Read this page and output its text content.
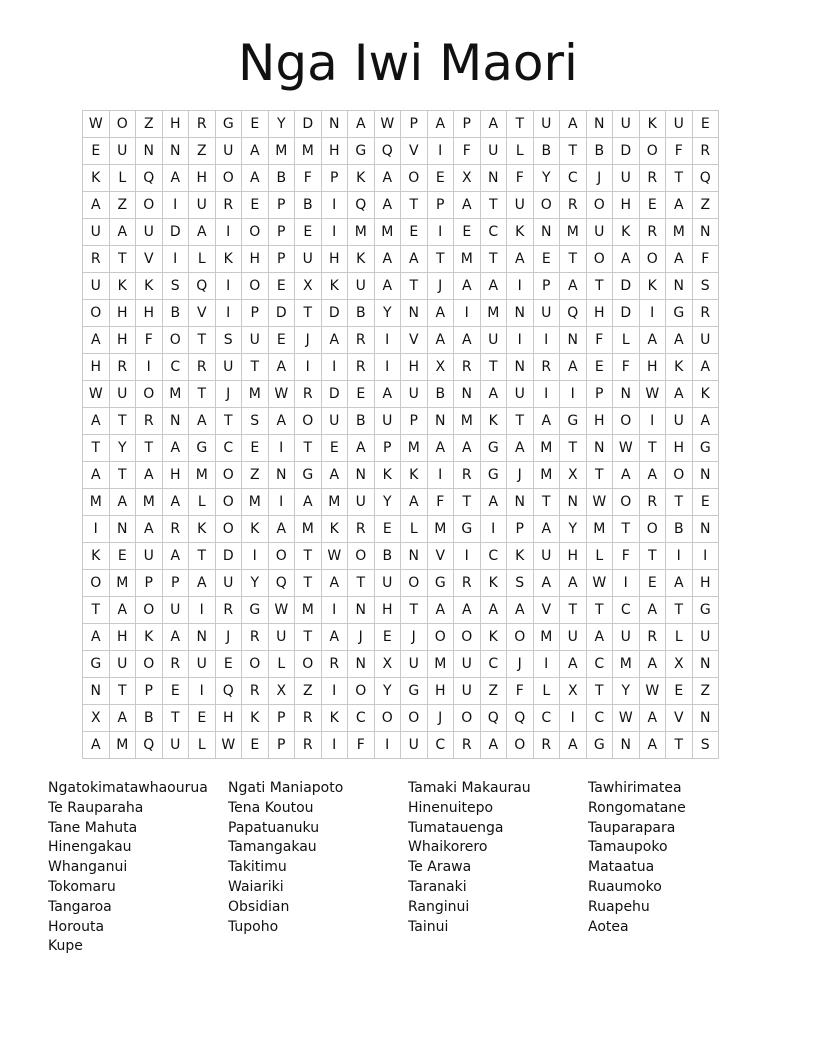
Nga Iwi Maori
W	O	Z	H	R	G	E	Y	D	N	A	W	P	A	P	A	T	U	A	N	U	K	U	E
E	U	N	N	Z	U	A	M	M	H	G	Q	V	I	F	U	L	B	T	B	D	O	F	R
K	L	Q	A	H	O	A	B	F	P	K	A	O	E	X	N	F	Y	C	J	U	R	T	Q
A	Z	O	I	U	R	E	P	B	I	Q	A	T	P	A	T	U	O	R	O	H	E	A	Z
U	A	U	D	A	I	O	P	E	I	M	M	E	I	E	C	K	N	M	U	K	R	M	N
R	T	V	I	L	K	H	P	U	H	K	A	A	T	M	T	A	E	T	O	A	O	A	F
U	K	K	S	Q	I	O	E	X	K	U	A	T	J	A	A	I	P	A	T	D	K	N	S
O	H	H	B	V	I	P	D	T	D	B	Y	N	A	I	M	N	U	Q	H	D	I	G	R
A	H	F	O	T	S	U	E	J	A	R	I	V	A	A	U	I	I	N	F	L	A	A	U
H	R	I	C	R	U	T	A	I	I	R	I	H	X	R	T	N	R	A	E	F	H	K	A
W	U	O	M	T	J	M	W	R	D	E	A	U	B	N	A	U	I	I	P	N	W	A	K
A	T	R	N	A	T	S	A	O	U	B	U	P	N	M	K	T	A	G	H	O	I	U	A
T	Y	T	A	G	C	E	I	T	E	A	P	M	A	A	G	A	M	T	N	W	T	H	G
A	T	A	H	M	O	Z	N	G	A	N	K	K	I	R	G	J	M	X	T	A	A	O	N
M	A	M	A	L	O	M	I	A	M	U	Y	A	F	T	A	N	T	N	W	O	R	T	E
I	N	A	R	K	O	K	A	M	K	R	E	L	M	G	I	P	A	Y	M	T	O	B	N
K	E	U	A	T	D	I	O	T	W	O	B	N	V	I	C	K	U	H	L	F	T	I	I
O	M	P	P	A	U	Y	Q	T	A	T	U	O	G	R	K	S	A	A	W	I	E	A	H
T	A	O	U	I	R	G	W	M	I	N	H	T	A	A	A	A	V	T	T	C	A	T	G
A	H	K	A	N	J	R	U	T	A	J	E	J	O	O	K	O	M	U	A	U	R	L	U
G	U	O	R	U	E	O	L	O	R	N	X	U	M	U	C	J	I	A	C	M	A	X	N
N	T	P	E	I	Q	R	X	Z	I	O	Y	G	H	U	Z	F	L	X	T	Y	W	E	Z
X	A	B	T	E	H	K	P	R	K	C	O	O	J	O	Q	Q	C	I	C	W	A	V	N
A	M	Q	U	L	W	E	P	R	I	F	I	U	C	R	A	O	R	A	G	N	A	T	S
Ngatokimatawhaourua
Te Rauparaha
Tane Mahuta
Hinengakau
Whanganui
Tokomaru
Tangaroa
Horouta
Kupe
Ngati Maniapoto
Tena Koutou
Papatuanuku
Tamangakau
Takitimu
Waiariki
Obsidian
Tupoho
Tamaki Makaurau
Hinenuitepo
Tumatauenga
Whaikorero
Te Arawa
Taranaki
Ranginui
Tainui
Tawhirimatea
Rongomatane
Tauparapara
Tamaupoko
Mataatua
Ruaumoko
Ruapehu
Aotea
